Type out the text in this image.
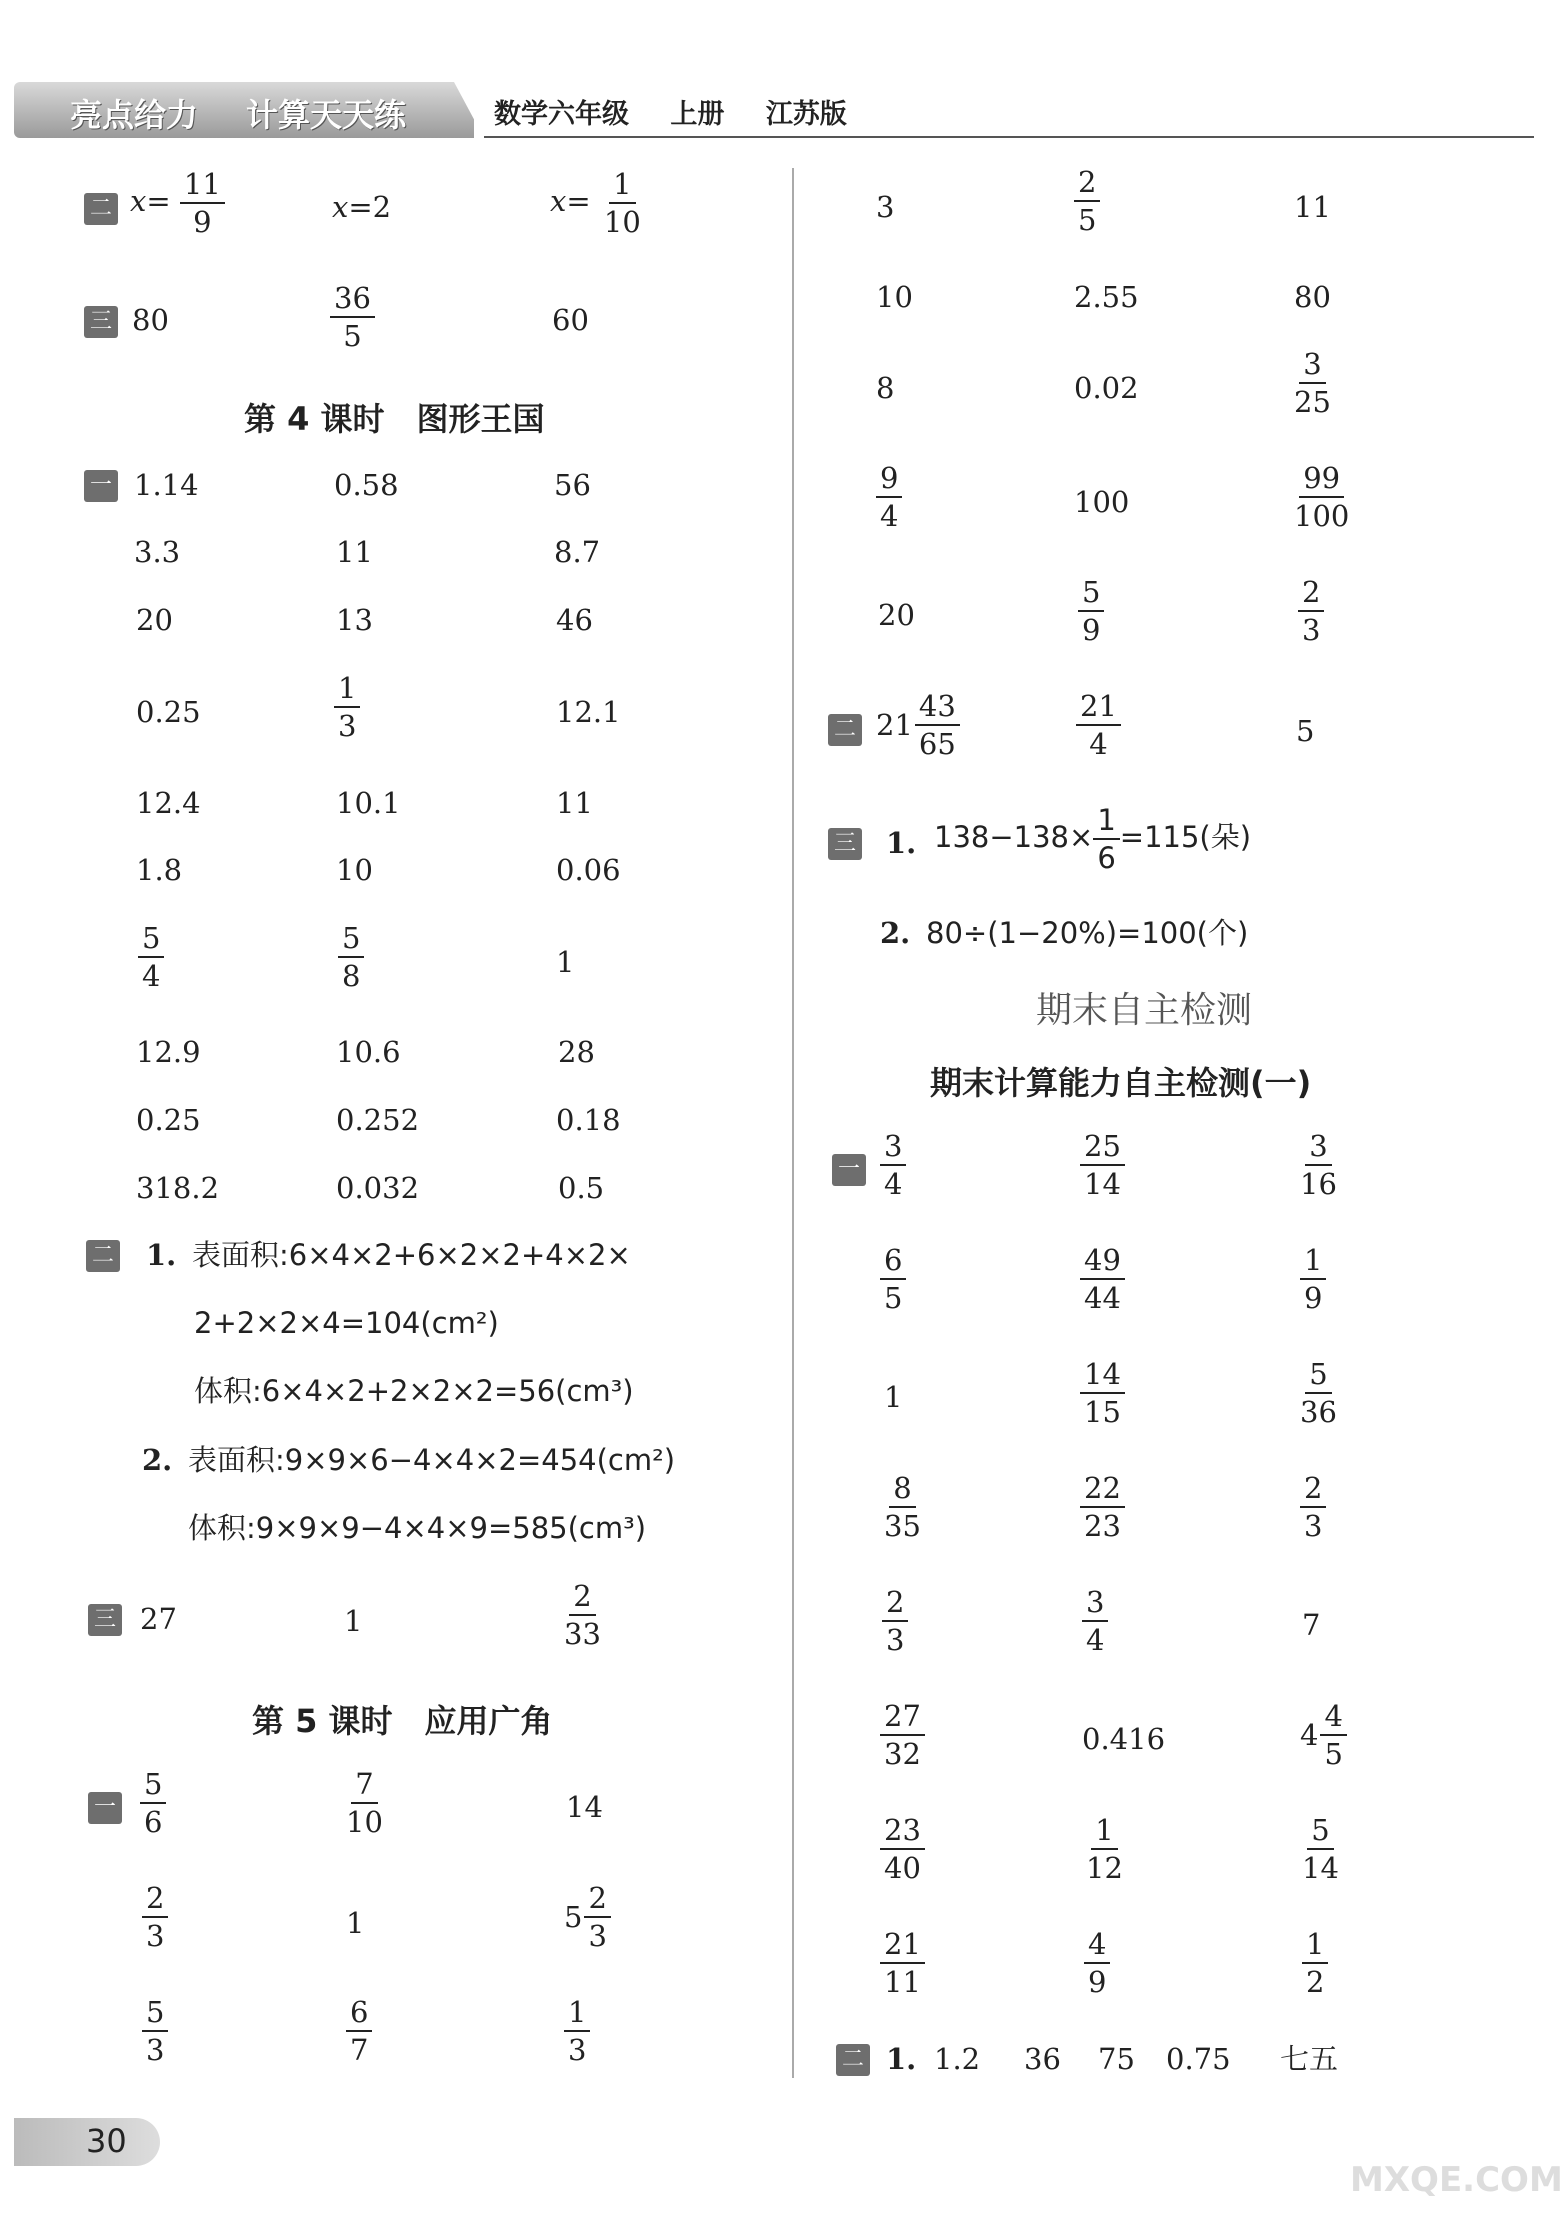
亮点给力 计算天天练	数学六年级 上册 江苏版
二 $x= \frac{11}{9}$	x=2	$x= \frac{1}{10}$
三 80	$\frac{36}{5}$	60
第 4 课时　图形王国
一 1.14	0.58	56
3.3	11	8.7
20	13	46
0.25	$\frac{1}{3}$	12.1
12.4	10.1	11
1.8	10	0.06
$\frac{5}{4}$	$\frac{5}{8}$	1
12.9	10.6	28
0.25	0.252	0.18
318.2	0.032	0.5
二 1. 表面积:6×4×2+6×2×2+4×2×
2+2×2×4=104(cm²)
体积:6×4×2+2×2×2=56(cm³)
2. 表面积:9×9×6−4×4×2=454(cm²)
体积:9×9×9−4×4×9=585(cm³)
三 27	1	$\frac{2}{33}$
第 5 课时　应用广角
一 $\frac{5}{6}$	$\frac{7}{10}$	14
$\frac{2}{3}$	1	$5 \frac{2}{3}$
$\frac{5}{3}$	$\frac{6}{7}$	$\frac{1}{3}$
3	$\frac{2}{5}$	11
10	2.55	80
8	0.02	$\frac{3}{25}$
$\frac{9}{4}$	100	$\frac{99}{100}$
20	$\frac{5}{9}$	$\frac{2}{3}$
二 $21 \frac{43}{65}$	$\frac{21}{4}$	5
三 1. $138-138\times \frac{1}{6} =115$(朵)
2. 80÷(1−20%)=100(个)
期末自主检测
期末计算能力自主检测(一)
一 $\frac{3}{4}$	$\frac{25}{14}$	$\frac{3}{16}$
$\frac{6}{5}$	$\frac{49}{44}$	$\frac{1}{9}$
1	$\frac{14}{15}$	$\frac{5}{36}$
$\frac{8}{35}$	$\frac{22}{23}$	$\frac{2}{3}$
$\frac{2}{3}$	$\frac{3}{4}$	7
$\frac{27}{32}$	0.416	$4 \frac{4}{5}$
$\frac{23}{40}$	$\frac{1}{12}$	$\frac{5}{14}$
$\frac{21}{11}$	$\frac{4}{9}$	$\frac{1}{2}$
二 1. 1.2 36 75 0.75 七五
30
MXQE.COM
